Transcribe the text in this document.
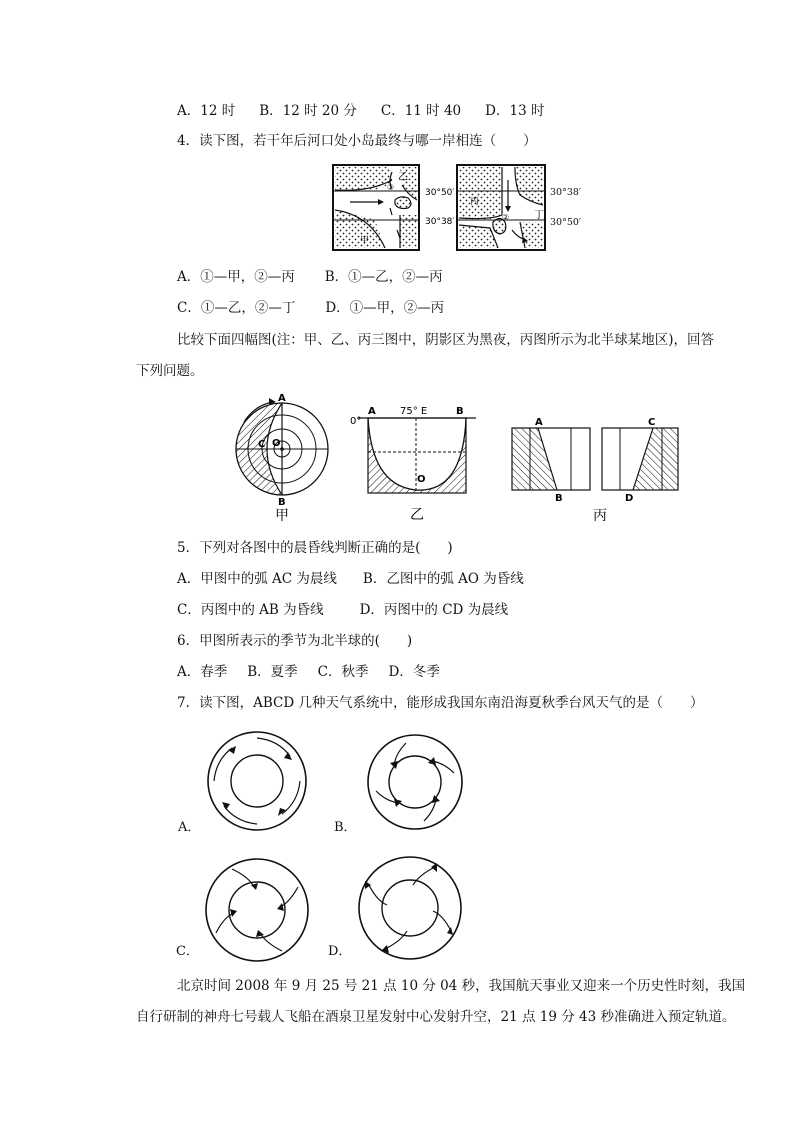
A．12 时 B．12 时 20 分 C．11 时 40 D．13 时
4．读下图，若干年后河口处小岛最终与哪一岸相连（　　）
乙
甲
①
30°50′
30°38′
丙
丁
②
30°38′
30°50′
A．①—甲，②—丙 B．①—乙，②—丙
C．①—乙，②—丁 D．①—甲，②—丙
比较下面四幅图(注：甲、乙、丙三图中，阴影区为黑夜，丙图所示为北半球某地区)，回答
下列问题。
A
C O
B
甲
0°
A 75° E	B
O
乙
A
B
C
D
丙
5．下列对各图中的晨昏线判断正确的是(　　)
A．甲图中的弧 AC 为晨线 B．乙图中的弧 AO 为昏线
C．丙图中的 AB 为昏线	D．丙图中的 CD 为晨线
6．甲图所表示的季节为北半球的(　　)
A．春季 B．夏季 C．秋季 D．冬季
7．读下图，ABCD 几种天气系统中，能形成我国东南沿海夏秋季台风天气的是（　　）
A．	B．
C．	D．
北京时间 2008 年 9 月 25 号 21 点 10 分 04 秒，我国航天事业又迎来一个历史性时刻，我国
自行研制的神舟七号载人飞船在酒泉卫星发射中心发射升空，21 点 19 分 43 秒准确进入预定轨道。
